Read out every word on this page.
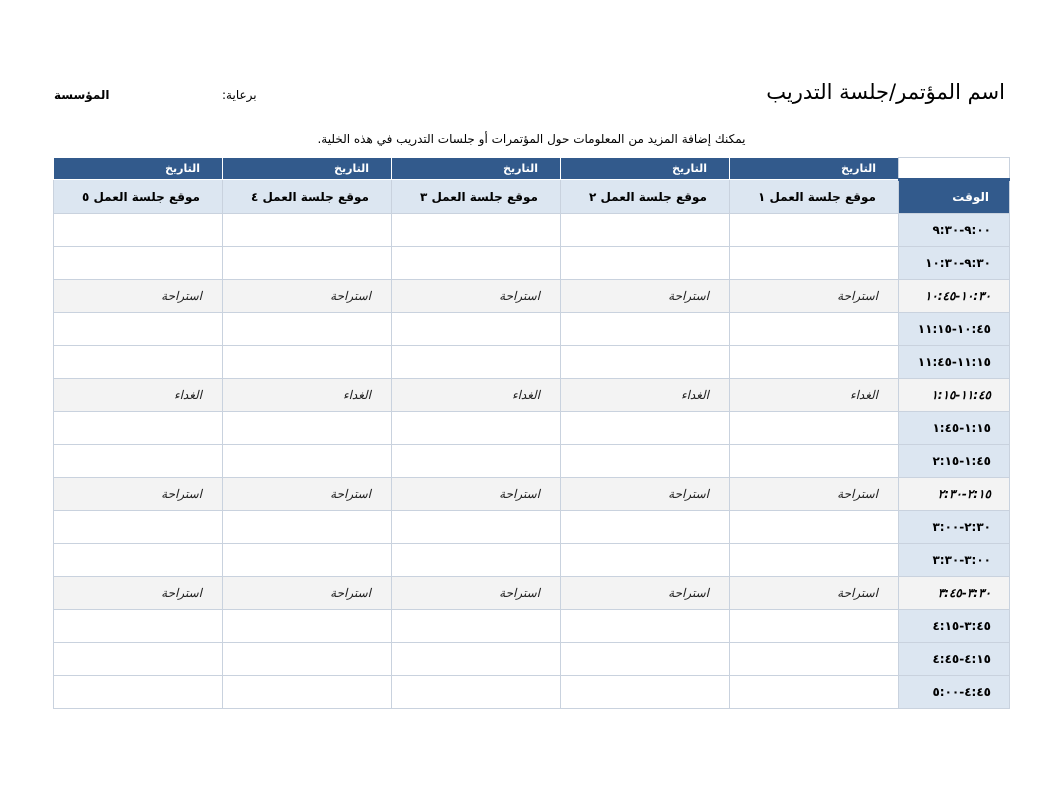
اسم المؤتمر/جلسة التدريب
برعاية:
المؤسسة
يمكنك إضافة المزيد من المعلومات حول المؤتمرات أو جلسات التدريب في هذه الخلية.
	التاريخ	التاريخ	التاريخ	التاريخ	التاريخ
الوقت	موقع جلسة العمل ١	موقع جلسة العمل ٢	موقع جلسة العمل ٣	موقع جلسة العمل ٤	موقع جلسة العمل ٥
٩:٠٠-٩:٣٠					
٩:٣٠-١٠:٣٠					
١٠:٣٠-١٠:٤٥	استراحة	استراحة	استراحة	استراحة	استراحة
١٠:٤٥-١١:١٥					
١١:١٥-١١:٤٥					
١١:٤٥-١:١٥	الغداء	الغداء	الغداء	الغداء	الغداء
١:١٥-١:٤٥					
١:٤٥-٢:١٥					
٢:١٥-٢:٣٠	استراحة	استراحة	استراحة	استراحة	استراحة
٢:٣٠-٣:٠٠					
٣:٠٠-٣:٣٠					
٣:٣٠-٣:٤٥	استراحة	استراحة	استراحة	استراحة	استراحة
٣:٤٥-٤:١٥					
٤:١٥-٤:٤٥					
٤:٤٥-٥:٠٠					
